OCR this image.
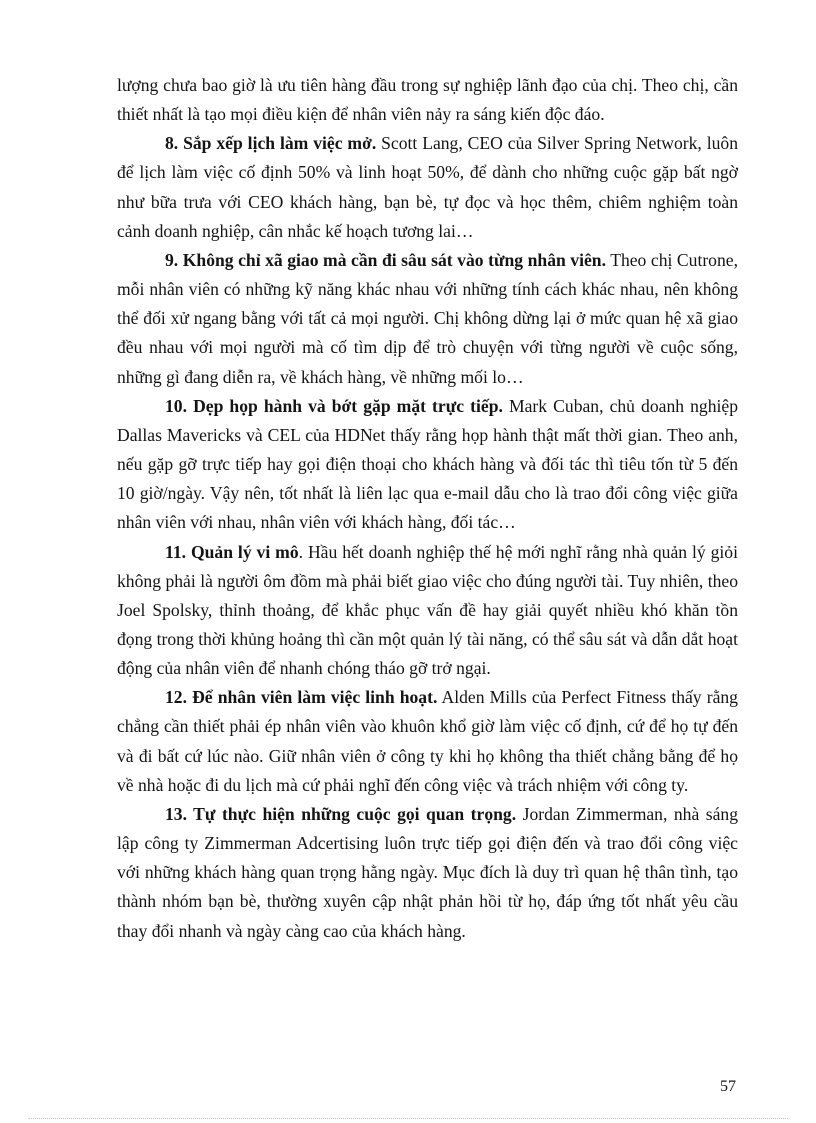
lượng chưa bao giờ là ưu tiên hàng đầu trong sự nghiệp lãnh đạo của chị. Theo chị, cần thiết nhất là tạo mọi điều kiện để nhân viên nảy ra sáng kiến độc đáo.

8. Sắp xếp lịch làm việc mở. Scott Lang, CEO của Silver Spring Network, luôn để lịch làm việc cố định 50% và linh hoạt 50%, để dành cho những cuộc gặp bất ngờ như bữa trưa với CEO khách hàng, bạn bè, tự đọc và học thêm, chiêm nghiệm toàn cảnh doanh nghiệp, cân nhắc kế hoạch tương lai…

9. Không chỉ xã giao mà cần đi sâu sát vào từng nhân viên. Theo chị Cutrone, mỗi nhân viên có những kỹ năng khác nhau với những tính cách khác nhau, nên không thể đối xử ngang bằng với tất cả mọi người. Chị không dừng lại ở mức quan hệ xã giao đều nhau với mọi người mà cố tìm dịp để trò chuyện với từng người về cuộc sống, những gì đang diễn ra, về khách hàng, về những mối lo…

10. Dẹp họp hành và bớt gặp mặt trực tiếp. Mark Cuban, chủ doanh nghiệp Dallas Mavericks và CEL của HDNet thấy rằng họp hành thật mất thời gian. Theo anh, nếu gặp gỡ trực tiếp hay gọi điện thoại cho khách hàng và đối tác thì tiêu tốn từ 5 đến 10 giờ/ngày. Vậy nên, tốt nhất là liên lạc qua e-mail dẫu cho là trao đổi công việc giữa nhân viên với nhau, nhân viên với khách hàng, đối tác…

11. Quản lý vi mô. Hầu hết doanh nghiệp thế hệ mới nghĩ rằng nhà quản lý giỏi không phải là người ôm đồm mà phải biết giao việc cho đúng người tài. Tuy nhiên, theo Joel Spolsky, thỉnh thoảng, để khắc phục vấn đề hay giải quyết nhiều khó khăn tồn đọng trong thời khủng hoảng thì cần một quản lý tài năng, có thể sâu sát và dẫn dắt hoạt động của nhân viên để nhanh chóng tháo gỡ trở ngại.

12. Để nhân viên làm việc linh hoạt. Alden Mills của Perfect Fitness thấy rằng chẳng cần thiết phải ép nhân viên vào khuôn khổ giờ làm việc cố định, cứ để họ tự đến và đi bất cứ lúc nào. Giữ nhân viên ở công ty khi họ không tha thiết chẳng bằng để họ về nhà hoặc đi du lịch mà cứ phải nghĩ đến công việc và trách nhiệm với công ty.

13. Tự thực hiện những cuộc gọi quan trọng. Jordan Zimmerman, nhà sáng lập công ty Zimmerman Adcertising luôn trực tiếp gọi điện đến và trao đổi công việc với những khách hàng quan trọng hằng ngày. Mục đích là duy trì quan hệ thân tình, tạo thành nhóm bạn bè, thường xuyên cập nhật phản hồi từ họ, đáp ứng tốt nhất yêu cầu thay đổi nhanh và ngày càng cao của khách hàng.

57
